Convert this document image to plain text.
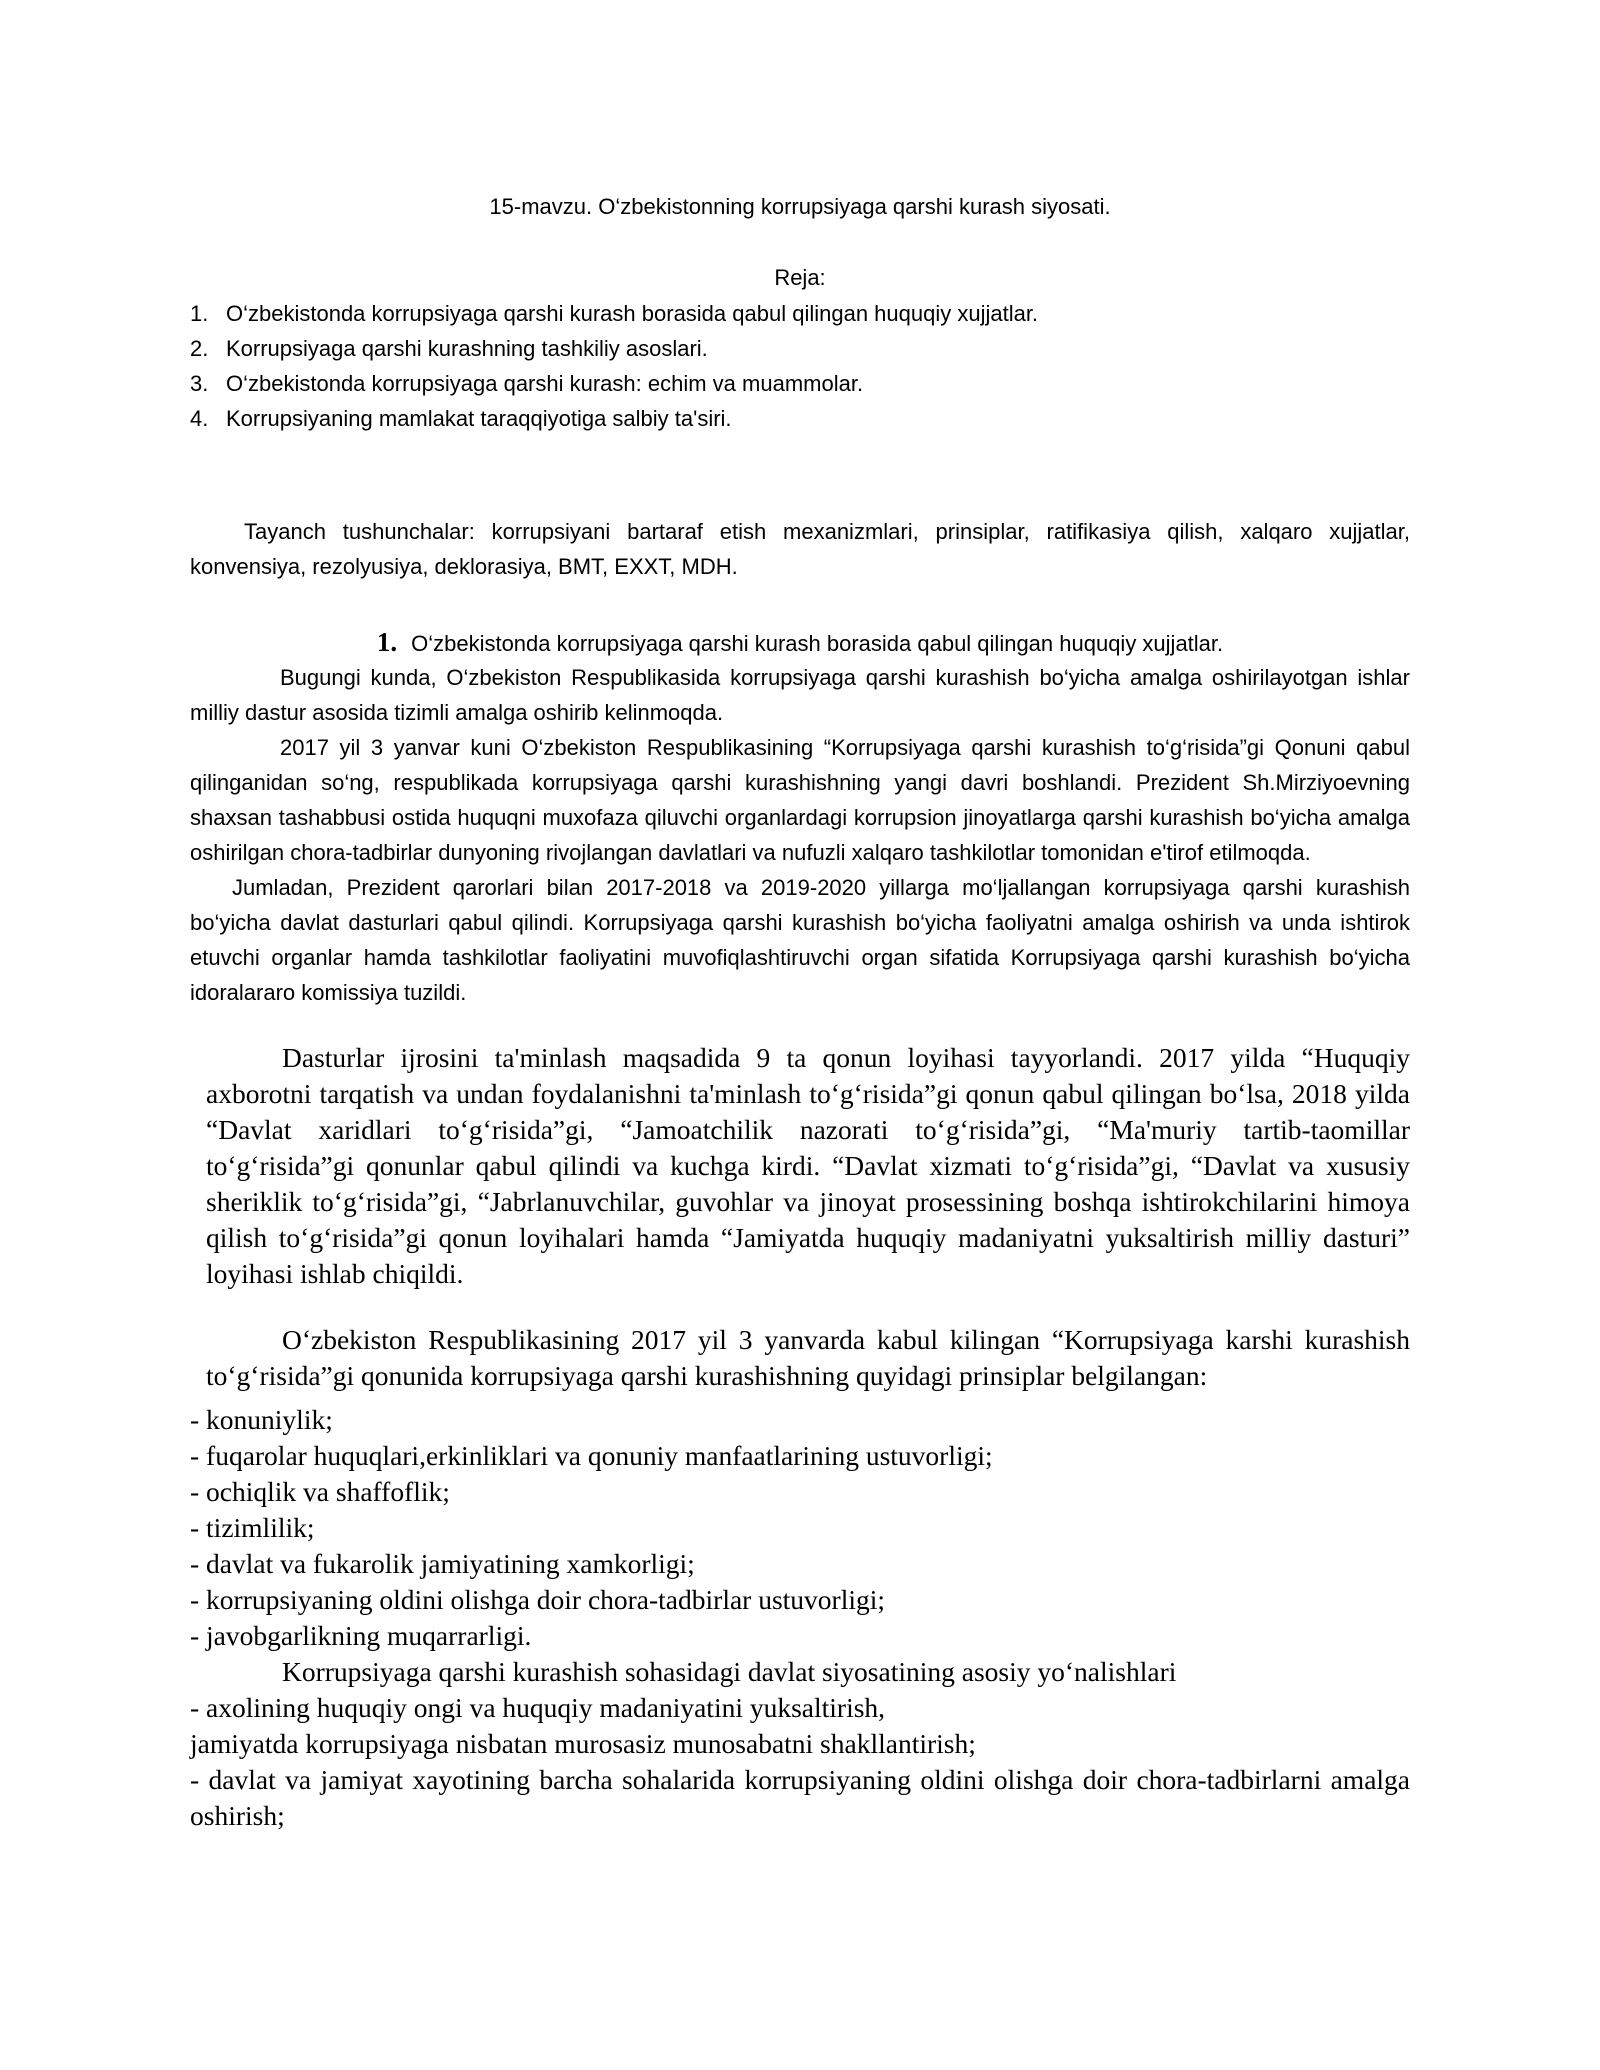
15-mavzu. O‘zbekistonning korrupsiyaga qarshi kurash siyosati.
Reja:
1. O‘zbekistonda korrupsiyaga qarshi kurash borasida qabul qilingan huquqiy xujjatlar.
2. Korrupsiyaga qarshi kurashning tashkiliy asoslari.
3. O‘zbekistonda korrupsiyaga qarshi kurash: echim va muammolar.
4. Korrupsiyaning mamlakat taraqqiyotiga salbiy ta'siri.
Tayanch tushunchalar: korrupsiyani bartaraf etish mexanizmlari, prinsiplar, ratifikasiya qilish, xalqaro xujjatlar, konvensiya, rezolyusiya, deklorasiya, BMT, EXXT, MDH.
1. O‘zbekistonda korrupsiyaga qarshi kurash borasida qabul qilingan huquqiy xujjatlar.

Bugungi kunda, O‘zbekiston Respublikasida korrupsiyaga qarshi kurashish bo‘yicha amalga oshirilayotgan ishlar milliy dastur asosida tizimli amalga oshirib kelinmoqda.

2017 yil 3 yanvar kuni O‘zbekiston Respublikasining “Korrupsiyaga qarshi kurashish to‘g‘risida”gi Qonuni qabul qilinganidan so‘ng, respublikada korrupsiyaga qarshi kurashishning yangi davri boshlandi. Prezident Sh.Mirziyoevning shaxsan tashabbusi ostida huquqni muxofaza qiluvchi organlardagi korrupsion jinoyatlarga qarshi kurashish bo‘yicha amalga oshirilgan chora-tadbirlar dunyoning rivojlangan davlatlari va nufuzli xalqaro tashkilotlar tomonidan e'tirof etilmoqda.

Jumladan, Prezident qarorlari bilan 2017-2018 va 2019-2020 yillarga mo‘ljallangan korrupsiyaga qarshi kurashish bo‘yicha davlat dasturlari qabul qilindi. Korrupsiyaga qarshi kurashish bo‘yicha faoliyatni amalga oshirish va unda ishtirok etuvchi organlar hamda tashkilotlar faoliyatini muvofiqlashtiruvchi organ sifatida Korrupsiyaga qarshi kurashish bo‘yicha idoralararo komissiya tuzildi.

Dasturlar ijrosini ta'minlash maqsadida 9 ta qonun loyihasi tayyorlandi. 2017 yilda “Huquqiy axborotni tarqatish va undan foydalanishni ta'minlash to‘g‘risida”gi qonun qabul qilingan bo‘lsa, 2018 yilda “Davlat xaridlari to‘g‘risida”gi, “Jamoatchilik nazorati to‘g‘risida”gi, “Ma'muriy tartib-taomillar to‘g‘risida”gi qonunlar qabul qilindi va kuchga kirdi. “Davlat xizmati to‘g‘risida”gi, “Davlat va xususiy sheriklik to‘g‘risida”gi, “Jabrlanuvchilar, guvohlar va jinoyat prosessining boshqa ishtirokchilarini himoya qilish to‘g‘risida”gi qonun loyihalari hamda “Jamiyatda huquqiy madaniyatni yuksaltirish milliy dasturi” loyihasi ishlab chiqildi.

O‘zbekiston Respublikasining 2017 yil 3 yanvarda kabul kilingan “Korrupsiyaga karshi kurashish to‘g‘risida”gi qonunida korrupsiyaga qarshi kurashishning quyidagi prinsiplar belgilangan:

- konuniylik;
- fuqarolar huquqlari,erkinliklari va qonuniy manfaatlarining ustuvorligi;
- ochiqlik va shaffoflik;
- tizimlilik;
- davlat va fukarolik jamiyatining xamkorligi;
- korrupsiyaning oldini olishga doir chora-tadbirlar ustuvorligi;
- javobgarlikning muqarrarligi.
Korrupsiyaga qarshi kurashish sohasidagi davlat siyosatining asosiy yo‘nalishlari

- axolining huquqiy ongi va huquqiy madaniyatini yuksaltirish,

jamiyatda korrupsiyaga nisbatan murosasiz munosabatni shakllantirish;

- davlat va jamiyat xayotining barcha sohalarida korrupsiyaning oldini olishga doir chora-tadbirlarni amalga oshirish;
